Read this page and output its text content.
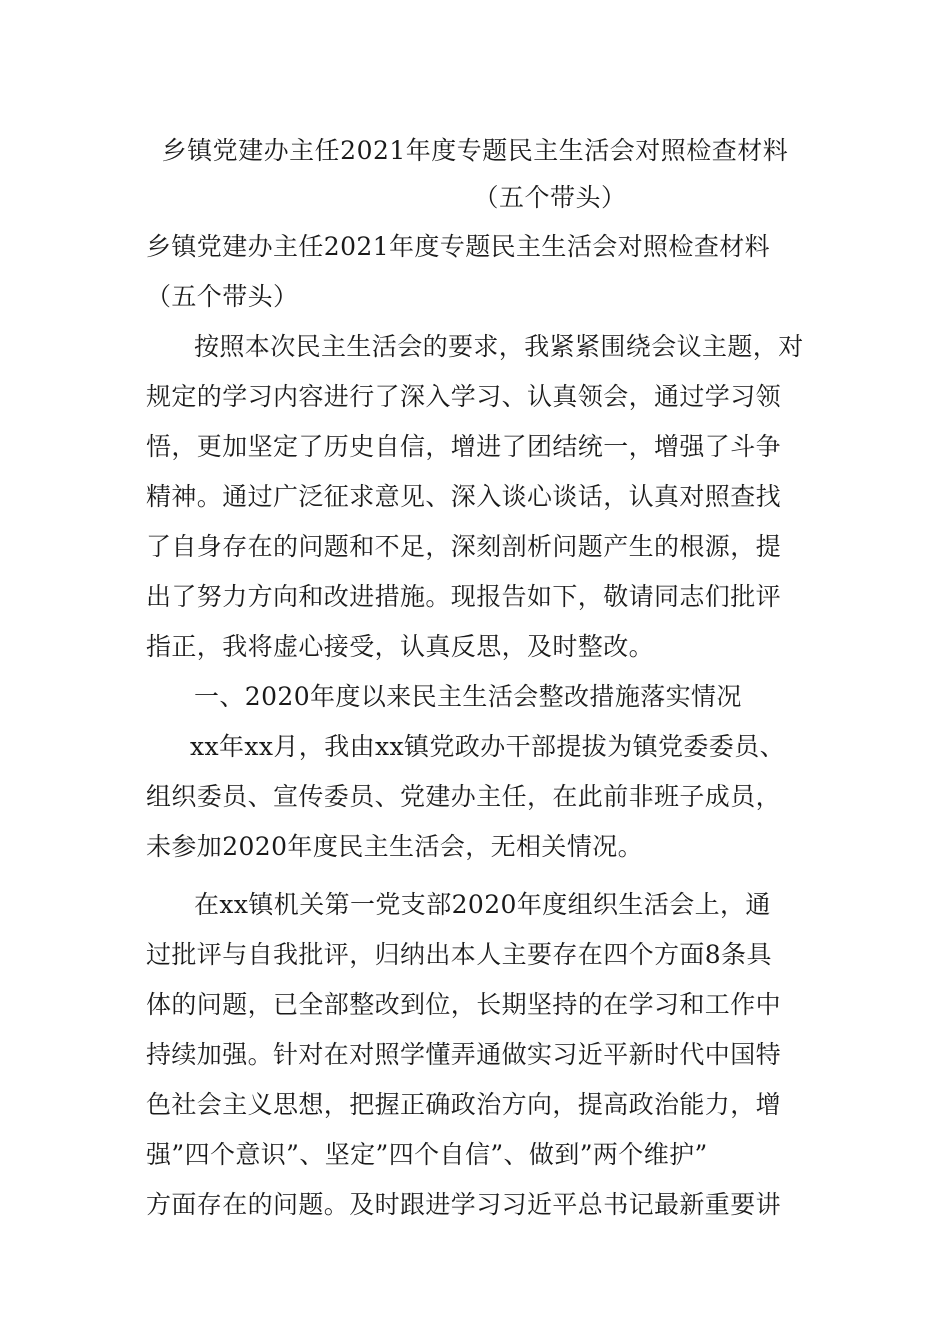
乡镇党建办主任2021年度专题民主生活会对照检查材料
（五个带头）
乡镇党建办主任2021年度专题民主生活会对照检查材料
（五个带头）
按照本次民主生活会的要求，我紧紧围绕会议主题，对
规定的学习内容进行了深入学习、认真领会，通过学习领
悟，更加坚定了历史自信，增进了团结统一，增强了斗争
精神。通过广泛征求意见、深入谈心谈话，认真对照查找
了自身存在的问题和不足，深刻剖析问题产生的根源，提
出了努力方向和改进措施。现报告如下，敬请同志们批评
指正，我将虚心接受，认真反思，及时整改。
一、2020年度以来民主生活会整改措施落实情况
xx年xx月，我由xx镇党政办干部提拔为镇党委委员、
组织委员、宣传委员、党建办主任，在此前非班子成员，
未参加2020年度民主生活会，无相关情况。
在xx镇机关第一党支部2020年度组织生活会上，通
过批评与自我批评，归纳出本人主要存在四个方面8条具
体的问题，已全部整改到位，长期坚持的在学习和工作中
持续加强。针对在对照学懂弄通做实习近平新时代中国特
色社会主义思想，把握正确政治方向，提高政治能力，增
强”四个意识”、坚定”四个自信”、做到”两个维护”
方面存在的问题。及时跟进学习习近平总书记最新重要讲
